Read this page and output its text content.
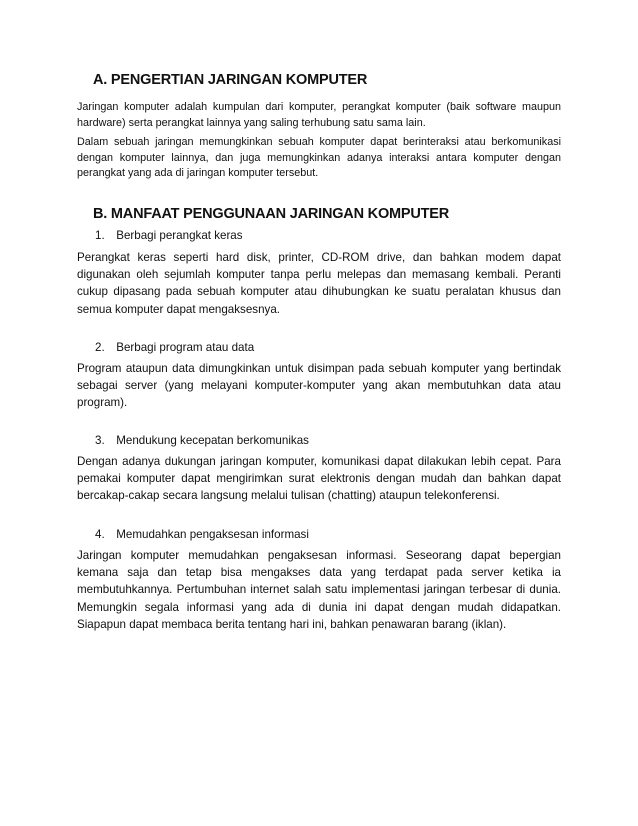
A. PENGERTIAN JARINGAN KOMPUTER

Jaringan komputer adalah kumpulan dari komputer, perangkat komputer (baik software maupun hardware) serta perangkat lainnya yang saling terhubung satu sama lain.

Dalam sebuah jaringan memungkinkan sebuah komputer dapat berinteraksi atau berkomunikasi dengan komputer lainnya, dan juga memungkinkan adanya interaksi antara komputer dengan perangkat yang ada di jaringan komputer tersebut.

B. MANFAAT PENGGUNAAN JARINGAN KOMPUTER
1. Berbagi perangkat keras

Perangkat keras seperti hard disk, printer, CD-ROM drive, dan bahkan modem dapat digunakan oleh sejumlah komputer tanpa perlu melepas dan memasang kembali. Peranti cukup dipasang pada sebuah komputer atau dihubungkan ke suatu peralatan khusus dan semua komputer dapat mengaksesnya.

2. Berbagi program atau data

Program ataupun data dimungkinkan untuk disimpan pada sebuah komputer yang bertindak sebagai server (yang melayani komputer-komputer yang akan membutuhkan data atau program).

3. Mendukung kecepatan berkomunikas

Dengan adanya dukungan jaringan komputer, komunikasi dapat dilakukan lebih cepat. Para pemakai komputer dapat mengirimkan surat elektronis dengan mudah dan bahkan dapat bercakap-cakap secara langsung melalui tulisan (chatting) ataupun telekonferensi.

4. Memudahkan pengaksesan informasi

Jaringan komputer memudahkan pengaksesan informasi. Seseorang dapat bepergian kemana saja dan tetap bisa mengakses data yang terdapat pada server ketika ia membutuhkannya. Pertumbuhan internet salah satu implementasi jaringan terbesar di dunia. Memungkin segala informasi yang ada di dunia ini dapat dengan mudah didapatkan. Siapapun dapat membaca berita tentang hari ini, bahkan penawaran barang (iklan).
